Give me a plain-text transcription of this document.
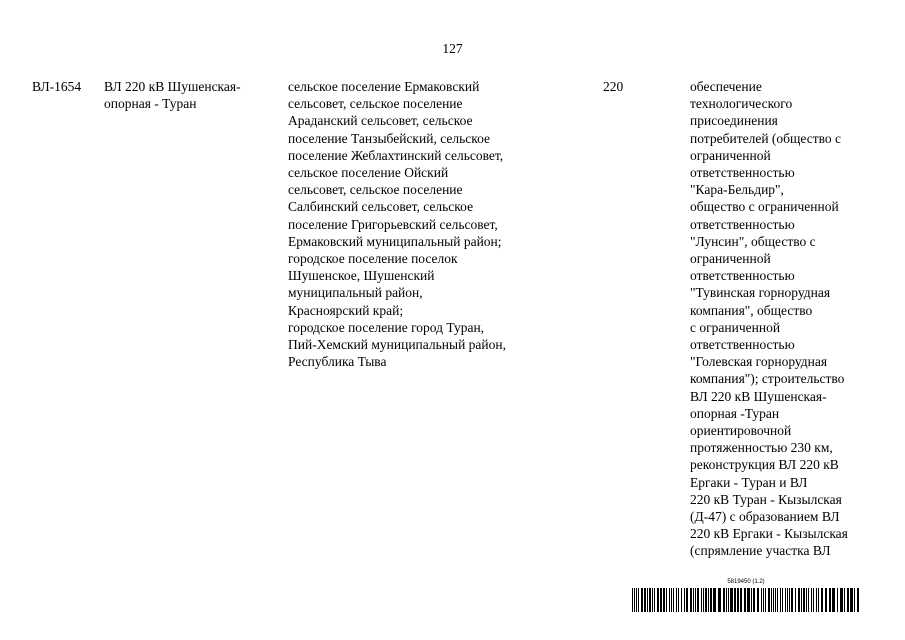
127
ВЛ-1654	ВЛ 220 кВ Шушенская-
опорная - Туран
сельское поселение Ермаковский
сельсовет, сельское поселение
Араданский сельсовет, сельское
поселение Танзыбейский, сельское
поселение Жеблахтинский сельсовет,
сельское поселение Ойский
сельсовет, сельское поселение
Салбинский сельсовет, сельское
поселение Григорьевский сельсовет,
Ермаковский муниципальный район;
городское поселение поселок
Шушенское, Шушенский
муниципальный район,
Красноярский край;
городское поселение город Туран,
Пий-Хемский муниципальный район,
Республика Тыва
220	обеспечение
технологического
присоединения
потребителей (общество с
ограниченной
ответственностью
"Кара-Бельдир",
общество с ограниченной
ответственностью
"Лунсин", общество с
ограниченной
ответственностью
"Тувинская горнорудная
компания", общество
с ограниченной
ответственностью
"Голевская горнорудная
компания"); строительство
ВЛ 220 кВ Шушенская-
опорная -Туран
ориентировочной
протяженностью 230 км,
реконструкция ВЛ 220 кВ
Ергаки - Туран и ВЛ
220 кВ Туран - Кызылская
(Д-47) с образованием ВЛ
220 кВ Ергаки - Кызылская
(спрямление участка ВЛ
5819450 (1.2)
